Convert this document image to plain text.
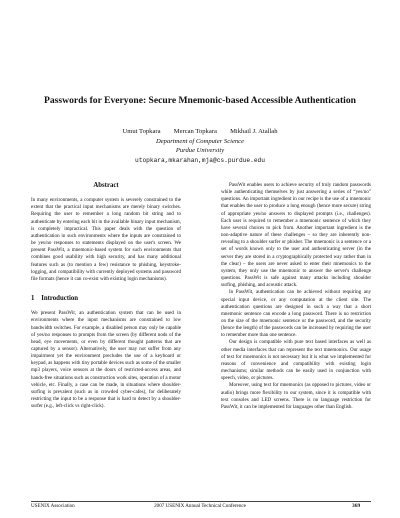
Passwords for Everyone: Secure Mnemonic-based Accessible Authentication
Umut Topkara  Mercan Topkara  Mikhail J. Atallah
Department of Computer Science
Purdue University
utopkara,mkarahan,mja@cs.purdue.edu
Abstract

In many environments, a computer system is severely constrained to the extent that the practical input mechanisms are merely binary switches. Requiring the user to remember a long random bit string and to authenticate by entering each bit in the available binary input mechanism, is completely impractical. This paper deals with the question of authentication in such environments where the inputs are constrained to be yes/no responses to statements displayed on the user's screen. We present PassWit, a mnemonic-based system for such environments that combines good usability with high security, and has many additional features such as (to mention a few) resistance to phishing, keystroke-logging, and compatibility with currently deployed systems and password file formats (hence it can co-exist with existing login mechanisms).

1 Introduction

We present PassWit, an authentication system that can be used in environments where the input mechanisms are constrained to low bandwidth switches. For example, a disabled person may only be capable of yes/no responses to prompts from the screen (by different nods of the head, eye movements, or even by different thought patterns that are captured by a sensor). Alternatively, the user may not suffer from any impairment yet the environment precludes the use of a keyboard or keypad, as happens with tiny portable devices such as some of the smaller mp3 players, voice sensors at the doors of restricted-access areas, and hands-free situations such as construction work sites, operation of a motor vehicle, etc. Finally, a case can be made, in situations where shoulder-surfing is prevalent (such as in crowded cyber-cafes), for deliberately restricting the input to be a response that is hard to detect by a shoulder-surfer (e.g., left-click vs right-click).

PassWit enables users to achieve security of truly random passwords while authenticating themselves by just answering a series of “yes/no” questions. An important ingredient in our recipe is the use of a mnemonic that enables the user to produce a long enough (hence more secure) string of appropriate yes/no answers to displayed prompts (i.e., challenges). Each user is required to remember a mnemonic sentence of which they have several choices to pick from. Another important ingredient is the non-adaptive nature of these challenges – so they are inherently non-revealing to a shoulder surfer or phisher. The mnemonic is a sentence or a set of words known only to the user and authenticating server (in the server they are stored in a cryptographically protected way rather than in the clear) – the users are never asked to enter their mnemonics to the system, they only use the mnemonic to answer the server's challenge questions. PassWit is safe against many attacks including shoulder surfing, phishing, and acoustic attack.

In PassWit, authentication can be achieved without requiring any special input device, or any computation at the client site. The authentication questions are designed in such a way that a short mnemonic sentence can encode a long password. There is no restriction on the size of the mnemonic sentence or the password, and the security (hence the length) of the passwords can be increased by requiring the user to remember more than one sentence.

Our design is compatible with pure text based interfaces as well as other media interfaces that can represent the text mnemonics. Our usage of text for mnemonics is not necessary but it is what we implemented for reasons of convenience and compatibility with existing login mechanisms; similar methods can be easily used in conjunction with speech, video, or pictures.

Moreover, using text for mnemonics (as opposed to pictures, video or audio) brings more flexibility to our system, since it is compatible with text consoles and LED screens. There is no language restriction for PassWit, it can be implemented for languages other than English.

USENIX Association	2007 USENIX Annual Technical Conference	369
